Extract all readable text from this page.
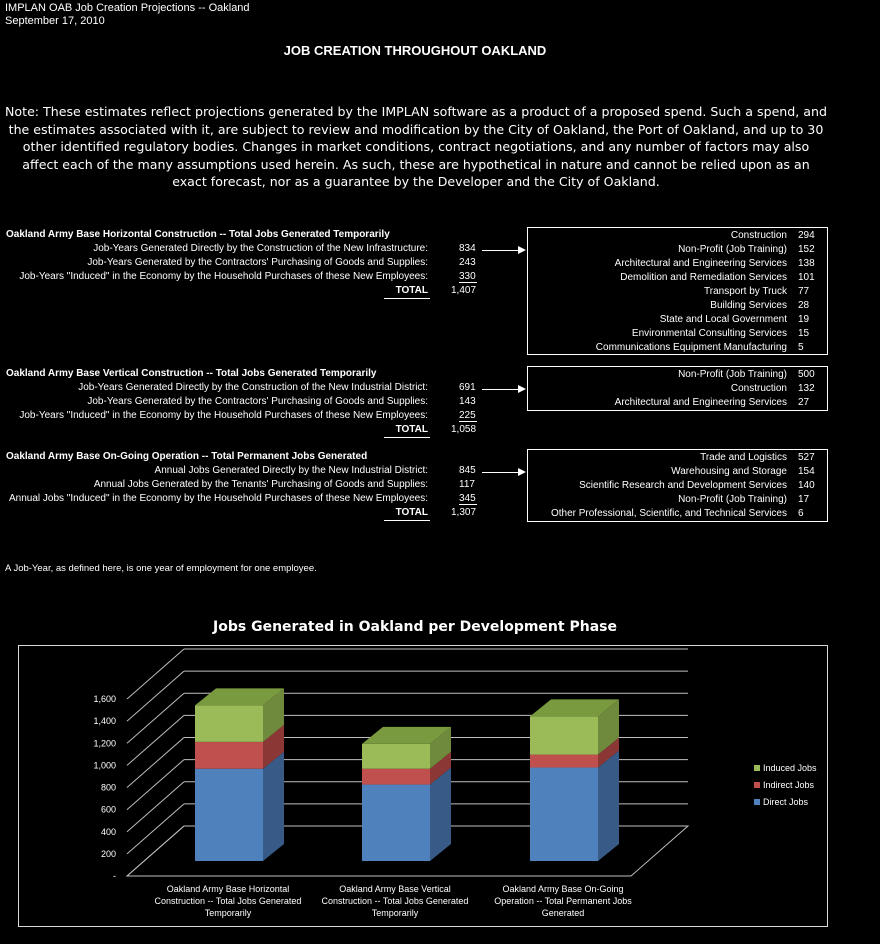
IMPLAN OAB Job Creation Projections -- Oakland
September 17, 2010
JOB CREATION THROUGHOUT OAKLAND
Note: These estimates reflect projections generated by the IMPLAN software as a product of a proposed spend. Such a spend, and the estimates associated with it, are subject to review and modification by the City of Oakland, the Port of Oakland, and up to 30 other identified regulatory bodies. Changes in market conditions, contract negotiations, and any number of factors may also affect each of the many assumptions used herein. As such, these are hypothetical in nature and cannot be relied upon as an exact forecast, nor as a guarantee by the Developer and the City of Oakland.
Oakland Army Base Horizontal Construction -- Total Jobs Generated Temporarily
Job-Years Generated Directly by the Construction of the New Infrastructure:	834
Job-Years Generated by the Contractors' Purchasing of Goods and Supplies:	243
Job-Years "Induced" in the Economy by the Household Purchases of these New Employees:	330
TOTAL 1,407
Construction 294
Non-Profit (Job Training) 152
Architectural and Engineering Services 138
Demolition and Remediation Services 101
Transport by Truck 77
Building Services 28
State and Local Government 19
Environmental Consulting Services 15
Communications Equipment Manufacturing 5
Oakland Army Base Vertical Construction -- Total Jobs Generated Temporarily
Job-Years Generated Directly by the Construction of the New Industrial District:	691
Job-Years Generated by the Contractors' Purchasing of Goods and Supplies:	143
Job-Years "Induced" in the Economy by the Household Purchases of these New Employees:	225
TOTAL 1,058
Non-Profit (Job Training) 500
Construction 132
Architectural and Engineering Services 27
Oakland Army Base On-Going Operation -- Total Permanent Jobs Generated
Annual Jobs Generated Directly by the New Industrial District:	845
Annual Jobs Generated by the Tenants' Purchasing of Goods and Supplies:	117
Annual Jobs "Induced" in the Economy by the Household Purchases of these New Employees:	345
TOTAL 1,307
Trade and Logistics 527
Warehousing and Storage 154
Scientific Research and Development Services 140
Non-Profit (Job Training) 17
Other Professional, Scientific, and Technical Services 6
A Job-Year, as defined here, is one year of employment for one employee.
Jobs Generated in Oakland per Development Phase
-
200
400
600
800
1,000
1,200
1,400
1,600
Oakland Army Base Horizontal
Construction -- Total Jobs Generated
Temporarily
Oakland Army Base Vertical
Construction -- Total Jobs Generated
Temporarily
Oakland Army Base On-Going
Operation -- Total Permanent Jobs
Generated
Induced Jobs
Indirect Jobs
Direct Jobs
